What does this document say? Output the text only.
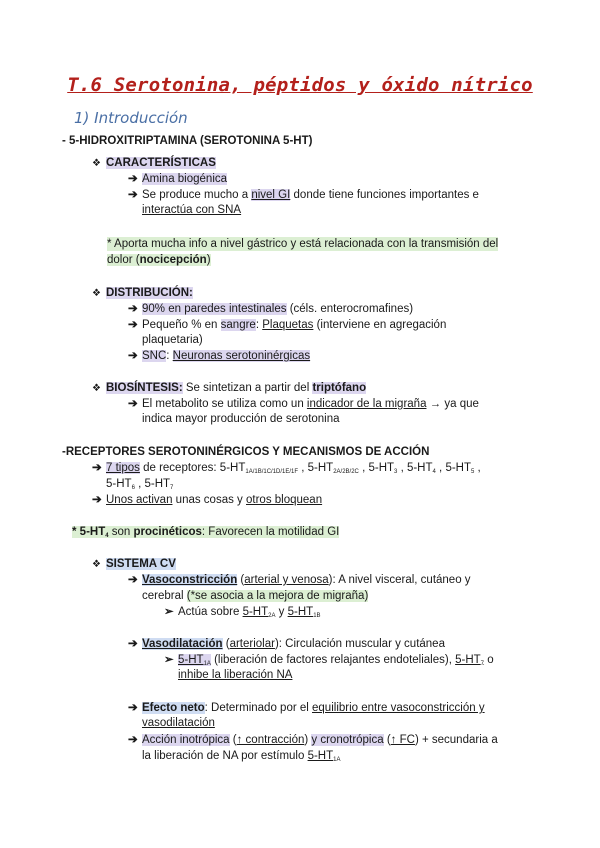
T.6 Serotonina, péptidos y óxido nítrico
1) Introducción
- 5-HIDROXITRIPTAMINA (SEROTONINA 5-HT)
❖ CARACTERÍSTICAS
➔ Amina biogénica
➔ Se produce mucho a nivel GI donde tiene funciones importantes e
interactúa con SNA
* Aporta mucha info a nivel gástrico y está relacionada con la transmisión del
dolor (nocicepción)
❖ DISTRIBUCIÓN:
➔ 90% en paredes intestinales (céls. enterocromafines)
➔ Pequeño % en sangre: Plaquetas (interviene en agregación
plaquetaria)
➔ SNC: Neuronas serotoninérgicas
❖ BIOSÍNTESIS: Se sintetizan a partir del triptófano
➔ El metabolito se utiliza como un indicador de la migraña → ya que
indica mayor producción de serotonina
-RECEPTORES SEROTONINÉRGICOS Y MECANISMOS DE ACCIÓN
➔ 7 tipos de receptores: $5-HT_{1A/1B/1C/1D/1E/1F}$ , $5-HT_{2A/2B/2C}$ , $5-HT_3$ , $5-HT_4$ , $5-HT_5$ ,
$5-HT_6$ , $5-HT_7$
➔ Unos activan unas cosas y otros bloquean
* $5-HT_4$ son procinéticos: Favorecen la motilidad GI
❖ SISTEMA CV
➔ Vasoconstricción (arterial y venosa): A nivel visceral, cutáneo y
cerebral (*se asocia a la mejora de migraña)
➢ Actúa sobre $5-HT_{2A}$ y $5-HT_{1B}$
➔ Vasodilatación (arteriolar): Circulación muscular y cutánea
➢ $5-HT_{1A}$ (liberación de factores relajantes endoteliales), $5-HT_7$ o
inhibe la liberación NA
➔ Efecto neto: Determinado por el equilibrio entre vasoconstricción y
vasodilatación
➔ Acción inotrópica (↑ contracción) y cronotrópica (↑ FC) + secundaria a
la liberación de NA por estímulo $5-HT_{1A}$
